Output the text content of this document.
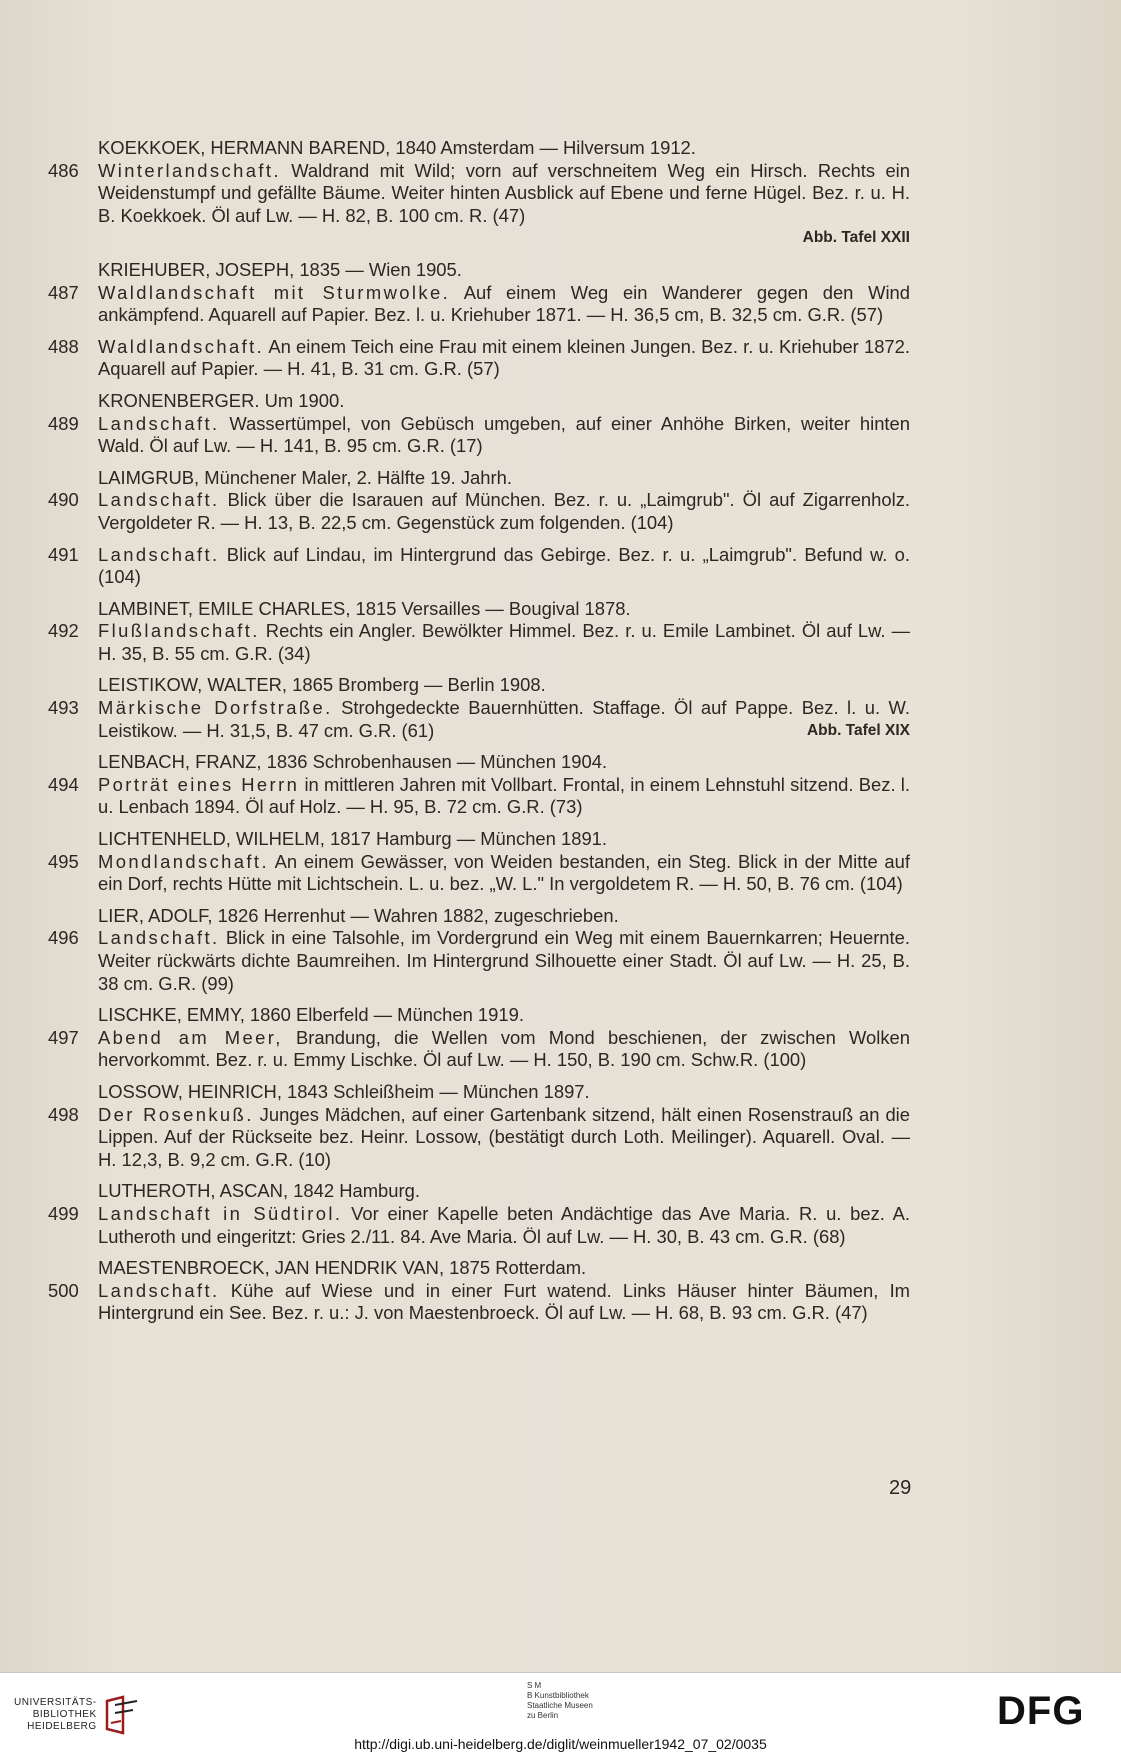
KOEKKOEK, HERMANN BAREND, 1840 Amsterdam — Hilversum 1912.
486	Winterlandschaft. Waldrand mit Wild; vorn auf verschneitem Weg ein Hirsch. Rechts ein Weidenstumpf und gefällte Bäume. Weiter hinten Ausblick auf Ebene und ferne Hügel. Bez. r. u. H. B. Koekkoek. Öl auf Lw. — H. 82, B. 100 cm. R. (47)
Abb. Tafel XXII
KRIEHUBER, JOSEPH, 1835 — Wien 1905.
487	Waldlandschaft mit Sturmwolke. Auf einem Weg ein Wanderer gegen den Wind ankämpfend. Aquarell auf Papier. Bez. l. u. Kriehuber 1871. — H. 36,5 cm, B. 32,5 cm. G.R. (57)
488	Waldlandschaft. An einem Teich eine Frau mit einem kleinen Jungen. Bez. r. u. Kriehuber 1872. Aquarell auf Papier. — H. 41, B. 31 cm. G.R. (57)
KRONENBERGER. Um 1900.
489	Landschaft. Wassertümpel, von Gebüsch umgeben, auf einer Anhöhe Birken, weiter hinten Wald. Öl auf Lw. — H. 141, B. 95 cm. G.R. (17)
LAIMGRUB, Münchener Maler, 2. Hälfte 19. Jahrh.
490	Landschaft. Blick über die Isarauen auf München. Bez. r. u. „Laimgrub". Öl auf Zigarrenholz. Vergoldeter R. — H. 13, B. 22,5 cm. Gegenstück zum folgenden. (104)
491	Landschaft. Blick auf Lindau, im Hintergrund das Gebirge. Bez. r. u. „Laimgrub". Befund w. o. (104)
LAMBINET, EMILE CHARLES, 1815 Versailles — Bougival 1878.
492	Flußlandschaft. Rechts ein Angler. Bewölkter Himmel. Bez. r. u. Emile Lambinet. Öl auf Lw. — H. 35, B. 55 cm. G.R. (34)
LEISTIKOW, WALTER, 1865 Bromberg — Berlin 1908.
493	Märkische Dorfstraße. Strohgedeckte Bauernhütten. Staffage. Öl auf Pappe. Bez. l. u. W. Leistikow. — H. 31,5, B. 47 cm. G.R. (61)	Abb. Tafel XIX
LENBACH, FRANZ, 1836 Schrobenhausen — München 1904.
494	Porträt eines Herrn in mittleren Jahren mit Vollbart. Frontal, in einem Lehnstuhl sitzend. Bez. l. u. Lenbach 1894. Öl auf Holz. — H. 95, B. 72 cm. G.R. (73)
LICHTENHELD, WILHELM, 1817 Hamburg — München 1891.
495	Mondlandschaft. An einem Gewässer, von Weiden bestanden, ein Steg. Blick in der Mitte auf ein Dorf, rechts Hütte mit Lichtschein. L. u. bez. „W. L." In vergoldetem R. — H. 50, B. 76 cm. (104)
LIER, ADOLF, 1826 Herrenhut — Wahren 1882, zugeschrieben.
496	Landschaft. Blick in eine Talsohle, im Vordergrund ein Weg mit einem Bauernkarren; Heuernte. Weiter rückwärts dichte Baumreihen. Im Hintergrund Silhouette einer Stadt. Öl auf Lw. — H. 25, B. 38 cm. G.R. (99)
LISCHKE, EMMY, 1860 Elberfeld — München 1919.
497	Abend am Meer, Brandung, die Wellen vom Mond beschienen, der zwischen Wolken hervorkommt. Bez. r. u. Emmy Lischke. Öl auf Lw. — H. 150, B. 190 cm. Schw.R. (100)
LOSSOW, HEINRICH, 1843 Schleißheim — München 1897.
498	Der Rosenkuß. Junges Mädchen, auf einer Gartenbank sitzend, hält einen Rosenstrauß an die Lippen. Auf der Rückseite bez. Heinr. Lossow, (bestätigt durch Loth. Meilinger). Aquarell. Oval. — H. 12,3, B. 9,2 cm. G.R. (10)
LUTHEROTH, ASCAN, 1842 Hamburg.
499	Landschaft in Südtirol. Vor einer Kapelle beten Andächtige das Ave Maria. R. u. bez. A. Lutheroth und eingeritzt: Gries 2./11. 84. Ave Maria. Öl auf Lw. — H. 30, B. 43 cm. G.R. (68)
MAESTENBROECK, JAN HENDRIK VAN, 1875 Rotterdam.
500	Landschaft. Kühe auf Wiese und in einer Furt watend. Links Häuser hinter Bäumen, Im Hintergrund ein See. Bez. r. u.: J. von Maestenbroeck. Öl auf Lw. — H. 68, B. 93 cm. G.R. (47)
29
UNIVERSITÄTS-
BIBLIOTHEK
HEIDELBERG
S M
B Kunstbibliothek
Staatliche Museen
zu Berlin	DFG
http://digi.ub.uni-heidelberg.de/diglit/weinmueller1942_07_02/0035
